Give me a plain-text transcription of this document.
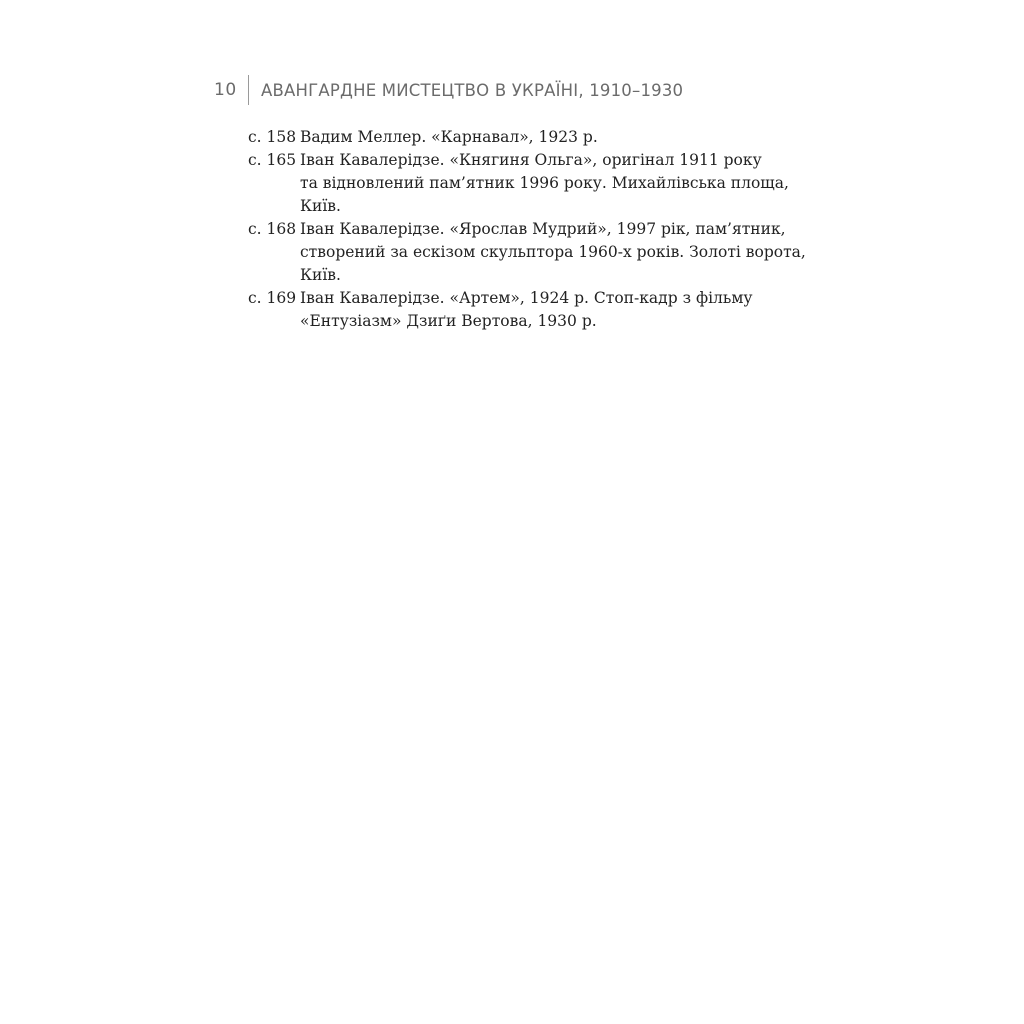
10 АВАНГАРДНЕ МИСТЕЦТВО В УКРАЇНІ, 1910–1930
с. 158 Вадим Меллер. «Карнавал», 1923 р.
с. 165 Іван Кавалерідзе. «Княгиня Ольга», оригінал 1911 року
та відновлений пам’ятник 1996 року. Михайлівська площа,
Київ.
с. 168 Іван Кавалерідзе. «Ярослав Мудрий», 1997 рік, пам’ятник,
створений за ескізом скульптора 1960-х років. Золоті ворота,
Київ.
с. 169 Іван Кавалерідзе. «Артем», 1924 р. Стоп-кадр з фільму
«Ентузіазм» Дзиґи Вертова, 1930 р.
